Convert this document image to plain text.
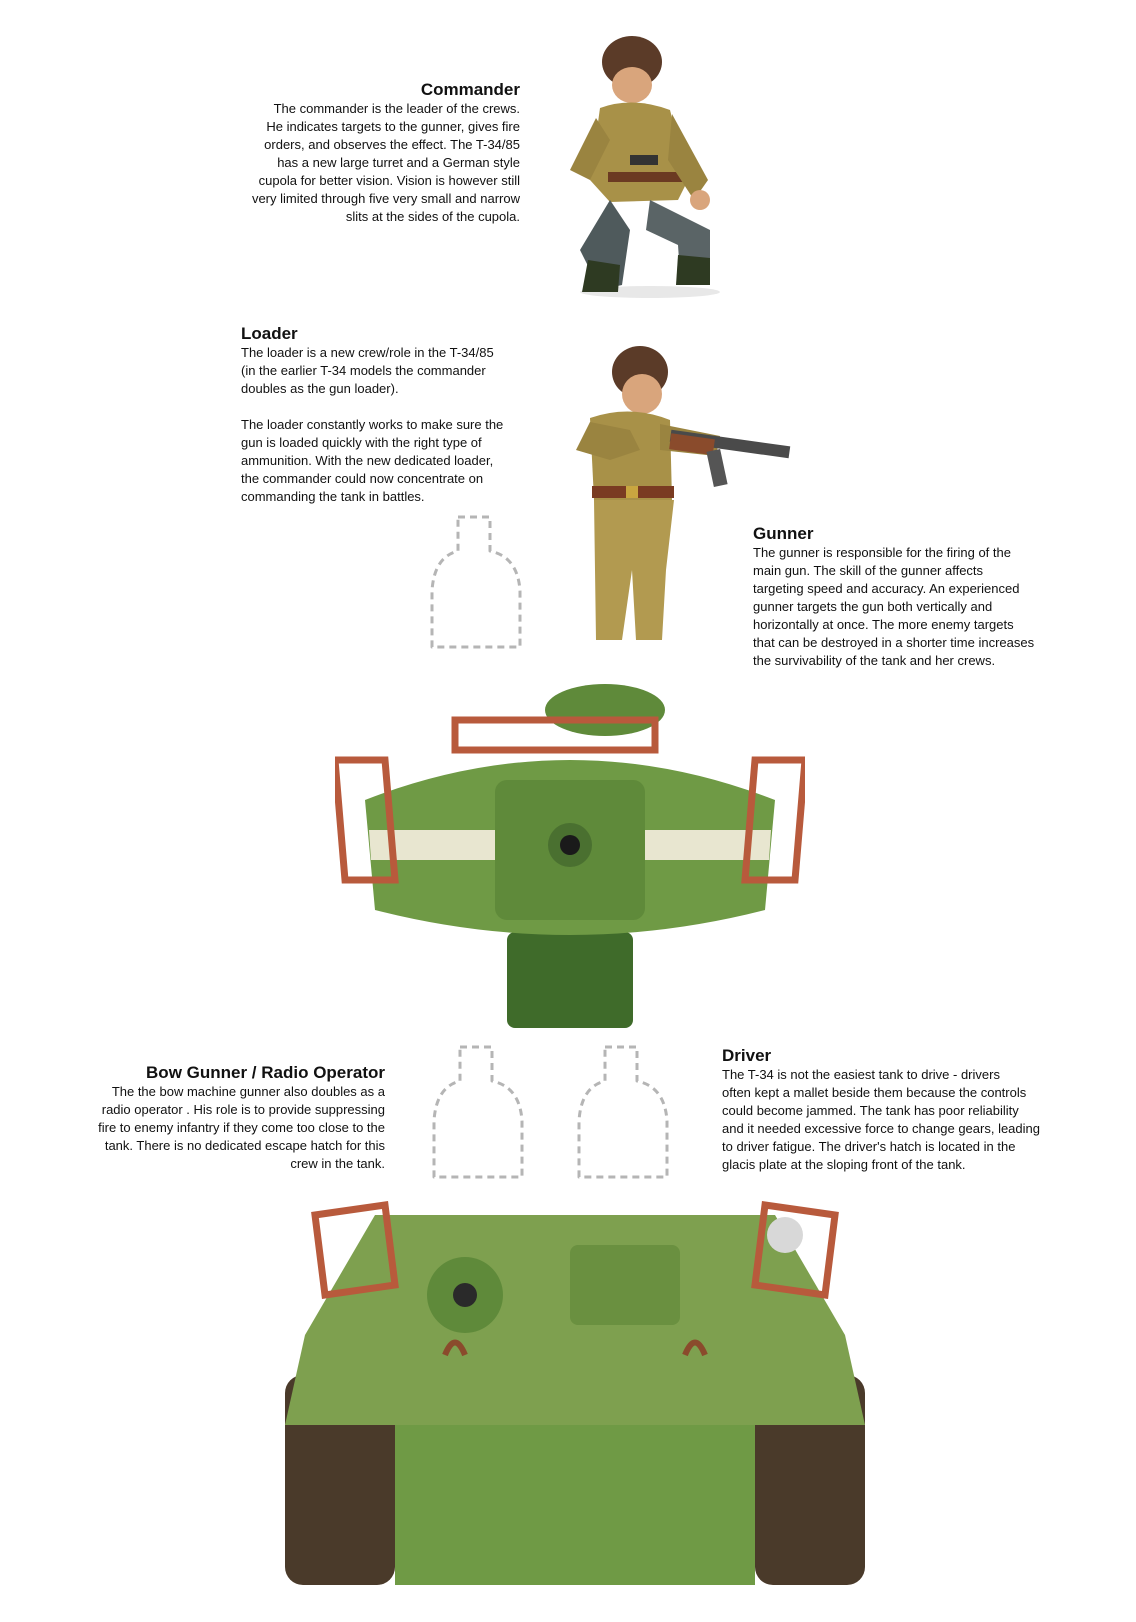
Commander

The commander is the leader of the crews.
He indicates targets to the gunner, gives fire
orders, and observes the effect. The T-34/85
has a new large turret and a German style
cupola for better vision. Vision is however still
very limited through five very small and narrow
slits at the sides of the cupola.

Loader

The loader is a new crew/role in the T-34/85
(in the earlier T-34 models the commander
doubles as the gun loader).

The loader constantly works to make sure the
gun is loaded quickly with the right type of
ammunition. With the new dedicated loader,
the commander could now concentrate on
commanding the tank in battles.

Gunner

The gunner is responsible for the firing of the
main gun. The skill of the gunner affects
targeting speed and accuracy. An experienced
gunner targets the gun both vertically and
horizontally at once. The more enemy targets
that can be destroyed in a shorter time increases
the survivability of the tank and her crews.

Bow Gunner / Radio Operator

The the bow machine gunner also doubles as a
radio operator . His role is to provide suppressing
fire to enemy infantry if they come too close to the
tank. There is no dedicated escape hatch for this
crew in the tank.

Driver

The T-34 is not the easiest tank to drive - drivers
often kept a mallet beside them because the controls
could become jammed. The tank has poor reliability
and it needed excessive force to change gears, leading
to driver fatigue. The driver's hatch is located in the
glacis plate at the sloping front of the tank.

I
